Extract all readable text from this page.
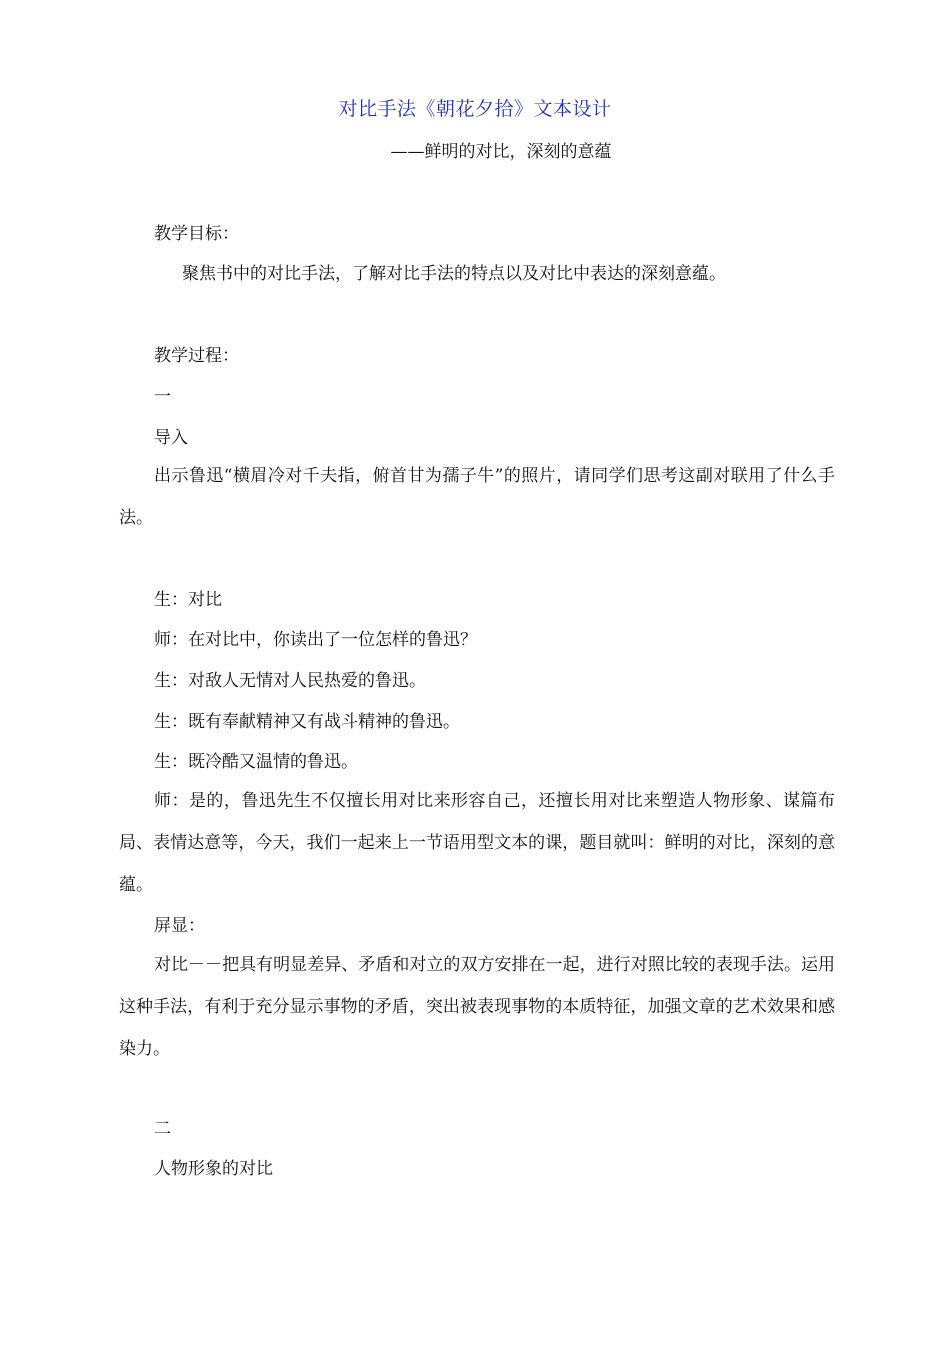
对比手法《朝花夕拾》文本设计
——鲜明的对比，深刻的意蕴
教学目标：
聚焦书中的对比手法，了解对比手法的特点以及对比中表达的深刻意蕴。
教学过程：
一
导入
出示鲁迅“横眉冷对千夫指，俯首甘为孺子牛”的照片，请同学们思考这副对联用了什么手法。
生：对比
师：在对比中，你读出了一位怎样的鲁迅？
生：对敌人无情对人民热爱的鲁迅。
生：既有奉献精神又有战斗精神的鲁迅。
生：既冷酷又温情的鲁迅。
师：是的，鲁迅先生不仅擅长用对比来形容自己，还擅长用对比来塑造人物形象、谋篇布局、表情达意等，今天，我们一起来上一节语用型文本的课，题目就叫：鲜明的对比，深刻的意蕴。
屏显：
对比－－把具有明显差异、矛盾和对立的双方安排在一起，进行对照比较的表现手法。运用这种手法，有利于充分显示事物的矛盾，突出被表现事物的本质特征，加强文章的艺术效果和感染力。
二
人物形象的对比
